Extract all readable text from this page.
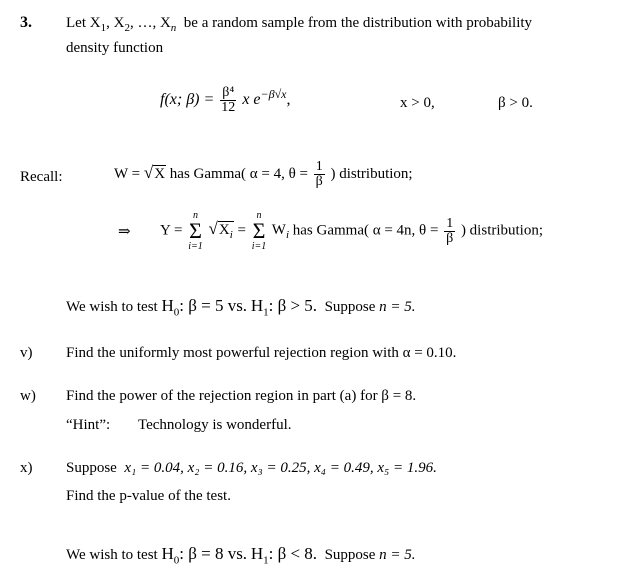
3. Let $X_1$, $X_2$, …, $X_n$ be a random sample from the distribution with probability
density function
f(x; $\beta) = \frac{\text{β⁴}}{12}$ x $e^{-\beta√x}$,	x > 0,	β > 0.
Recall:	W = √X has Gamma( α = 4, $\theta = \frac{1}{\beta}$ ) distribution;
⇒ Y =
n
Σ
i=1
$√X_i$ =
n
Σ
i=1
$W_i$ has Gamma( α = 4n, $\theta = \frac{1}{\beta}$ ) distribution;
We wish to test $H_0$: β = 5 vs. $H_1$: β > 5. Suppose n = 5.
v) Find the uniformly most powerful rejection region with α = 0.10.
w) Find the power of the rejection region in part (a) for β = 8.
“Hint”: Technology is wonderful.
x) Suppose x₁ = 0.04, x₂ = 0.16, x₃ = 0.25, x₄ = 0.49, x₅ = 1.96.
Find the p-value of the test.
We wish to test $H_0$: β = 8 vs. $H_1$: β < 8. Suppose n = 5.
